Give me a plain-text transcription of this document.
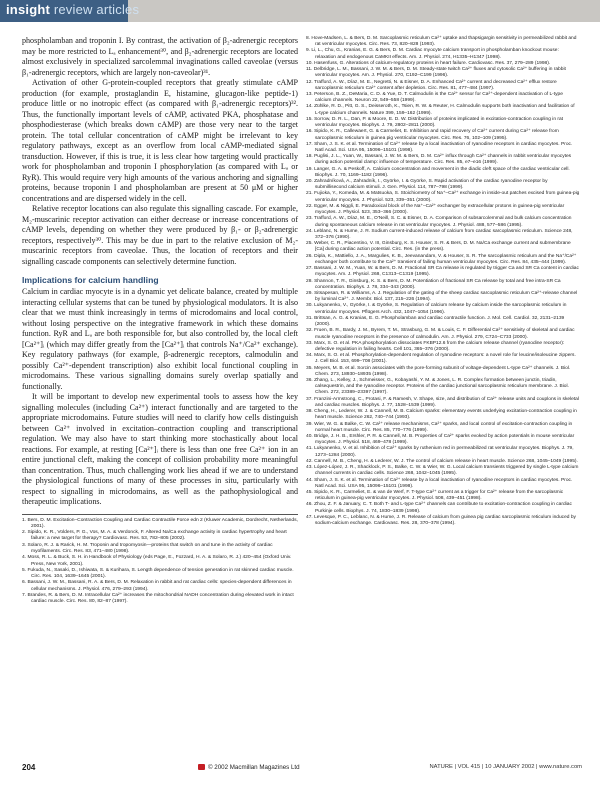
insight review articles

phospholamban and troponin I. By contrast, the activation of β₂-adrenergic receptors may be more restricted to Lₐ enhancement³⁰, and β₂-adrenergic receptors are located almost exclusively in specialized sarcolemmal invaginations called caveolae (versus β₁-adrenergic receptors, which are largely non-caveolar)³¹.

Activation of other G-protein-coupled receptors that greatly stimulate cAMP production (for example, prostaglandin E, histamine, glucagon-like peptide-1) produce little or no inotropic effect (as compared with β₁-adrenergic receptors)³². Thus, the functionally important levels of cAMP, activated PKA, phosphatase and phosphodiesterase (which breaks down cAMP) are those very near to the target protein. The total cellular concentration of cAMP might be irrelevant to key regulatory pathways, except as an overflow from local cAMP-mediated signal transduction. However, if this is true, it is less clear how targeting would practically work for phospholamban and troponin I phosphorylation (as compared with Lₐ or RyR). This would require very high amounts of the various anchoring and signalling proteins, because troponin I and phospholamban are present at 50 μM or higher concentrations and are dispersed widely in the cell.

Relative receptor locations can also regulate this signalling cascade. For example, M₂-muscarinic receptor activation can either decrease or increase concentrations of cAMP levels, depending on whether they were produced by β₁- or β₂-adrenergic receptors, respectively³⁰. This may be due in part to the relative exclusion of M₂-muscarinic receptors from caveolae. Thus, the location of receptors and their signalling cascade components can selectively determine function.

Implications for calcium handling

Calcium in cardiac myocyte is in a dynamic yet delicate balance, created by multiple interacting cellular systems that can be tuned by physiological modulators. It is also clear that we must think increasingly in terms of microdomains and local control, without losing perspective on the integrative framework in which these domains function. RyR and Lₐ are both responsible for, but also controlled by, the local cleft [Ca²⁺]ᵢ (which may differ greatly from the [Ca²⁺]ᵢ that controls Na⁺/Ca²⁺ exchange). Key regulatory pathways (for example, β-adrenergic receptors, calmodulin and possibly Ca²⁺-dependent transcription) also exhibit local functional coupling in microdomains. These various signalling domains surely overlap spatially and functionally.

It will be important to develop new experimental tools to assess how the key signalling molecules (including Ca²⁺) interact functionally and are targeted to the appropriate microdomains. Future studies will need to clarify how cells distinguish between Ca²⁺ involved in excitation–contraction coupling and transcriptional regulation. We may also have to start thinking more stochastically about local reactions. For example, at resting [Ca²⁺]ᵢ there is less than one free Ca²⁺ ion in an entire junctional cleft, making the concept of collision probability more meaningful than concentration. Thus, much challenging work lies ahead if we are to understand the physiological functions of many of these processes in situ, particularly with respect to signalling in microdomains, as well as the pathophysiological and therapeutic implications.

1. Bers, D. M. Excitation–Contraction Coupling and Cardiac Contractile Force edn 2 (Kluwer Academic, Dordrecht, Netherlands, 2001).
2. Sipido, K. R., Volders, P. G., Vos, M. A. & Verdonck, F. Altered Na/Ca exchange activity in cardiac hypertrophy and heart failure: a new target for therapy? Cardiovasc. Res. 53, 782–805 (2002).
3. Solaro, R. J. & Rarick, H. M. Troponin and tropomyosin—proteins that switch on and tune in the activity of cardiac myofilaments. Circ. Res. 83, 471–480 (1998).
4. Moss, R. L. & Buck, S. H. in Handbook of Physiology (eds Page, E., Fozzard, H. A. & Solaro, R. J.) 420–454 (Oxford Univ. Press, New York, 2001).
5. Fukuda, N., Sasaki, D., Ishiwata, S. & Kurihara, S. Length dependence of tension generation in rat skinned cardiac muscle. Circ. Res. 104, 1639–1645 (2001).
6. Bassani, J. W. M., Bassani, R. A. & Bers, D. M. Relaxation in rabbit and rat cardiac cells: species-dependent differences in cellular mechanisms. J. Physiol. 476, 279–293 (1994).
7. Brandes, R. & Bers, D. M. Intracellular Ca²⁺ increases the mitochondrial NADH concentration during elevated work in intact cardiac muscle. Circ. Res. 80, 82–87 (1997).
8. Hove-Madsen, L. & Bers, D. M. Sarcoplasmic reticulum Ca²⁺ uptake and thapsigargin sensitivity in permeabilized rabbit and rat ventricular myocytes. Circ. Res. 73, 820–828 (1993).
9. Li, L., Chu, G., Kranias, E. G. & Bers, D. M. Cardiac myocyte calcium transport in phospholamban knockout mouse: relaxation and endogenous CaMKII effects. Am. J. Physiol. 274, H1335–H1347 (1998).
10. Hasenfuss, G. Alterations of calcium-regulatory proteins in heart failure. Cardiovasc. Res. 37, 279–289 (1998).
11. Delbridge, L. M., Bassani, J. W. M. & Bers, D. M. Steady-state twitch Ca²⁺ fluxes and cytosolic Ca²⁺ buffering in rabbit ventricular myocytes. Am. J. Physiol. 270, C192–C199 (1996).
12. Trafford, A. W., Díaz, M. E., Negretti, N. & Eisner, D. A. Enhanced Ca²⁺ current and decreased Ca²⁺ efflux restore sarcoplasmic reticulum Ca²⁺ content after depletion. Circ. Res. 81, 477–484 (1997).
13. Peterson, B. Z., DeMaria, C. D. & Yue, D. T. Calmodulin is the Ca²⁺ sensor for Ca²⁺-dependent inactivation of L-type calcium channels. Neuron 22, 549–558 (1999).
14. Zühlke, R. D., Pitt, G. S., Deisseroth, K., Tsien, R. W. & Reuter, H. Calmodulin supports both inactivation and facilitation of L-type calcium channels. Nature 399, 159–162 (1999).
15. Sorrow, D. R. L., Dan, P. & Moore, E. D. W. Distribution of proteins implicated in excitation-contraction coupling in rat ventricular myocytes. Biophys. J. 79, 2802–2811 (2000).
16. Sipido, K. R., Callewaert, G. & Carmeliet, E. Inhibition and rapid recovery of Ca²⁺ current during Ca²⁺ release from sarcoplasmic reticulum in guinea pig ventricular myocytes. Circ. Res. 76, 102–109 (1995).
17. Sham, J. S. K. et al. Termination of Ca²⁺ release by a local inactivation of ryanodine receptors in cardiac myocytes. Proc. Natl Acad. Sci. USA 95, 15096–15101 (1998).
18. Puglisi, J. L., Yuan, W., Bassani, J. W. M. & Bers, D. M. Ca²⁺ influx through Ca²⁺ channels in rabbit ventricular myocytes during action potential clamp: influence of temperature. Circ. Res. 85, e7–e16 (1999).
19. Langer, G. A. & Peskoff, A. Calcium concentration and movement in the diadic cleft space of the cardiac ventricular cell. Biophys. J. 70, 1169–1182 (1996).
20. Zahradníková, A., Zahradník, I., Györke, I. & Györke, S. Rapid activation of the cardiac ryanodine receptor by submillisecond calcium stimuli. J. Gen. Physiol. 114, 787–798 (1999).
21. Fujioka, Y., Komeda, M. & Matsuoka, S. Stoichiometry of Na⁺–Ca²⁺ exchange in inside-out patches excised from guinea-pig ventricular myocytes. J. Physiol. 523, 339–351 (2000).
22. Egger, M. & Niggli, E. Paradoxical block of the Na⁺–Ca²⁺ exchanger by extracellular protons in guinea-pig ventricular myocytes. J. Physiol. 523, 353–366 (2000).
23. Trafford, A. W., Díaz, M. E., O'Neill, S. C. & Eisner, D. A. Comparison of subsarcolemmal and bulk calcium concentration during spontaneous calcium release in rat ventricular myocytes. J. Physiol. 488, 577–586 (1995).
24. Leblanc, N. & Hume, J. R. Sodium current-induced release of calcium from cardiac sarcoplasmic reticulum. Science 248, 372–376 (1990).
25. Weber, C. R., Piacentino, V. III, Ginsburg, K. S. Houser, S. R. & Bers, D. M. Na/Ca exchange current and submembrane [Ca] during cardiac action potential. Circ. Res. (in the press).
26. Dipla, K., Mattiello, J. A., Margulies, K. B., Jeevanandam, V. & Houser, S. R. The sarcoplasmic reticulum and the Na⁺/Ca²⁺ exchanger both contribute to the Ca²⁺ transient of failing human ventricular myocytes. Circ. Res. 84, 435–444 (1999).
27. Bassani, J. W. M., Yuan, W. & Bers, D. M. Fractional SR Ca release is regulated by trigger Ca and SR Ca content in cardiac myocytes. Am. J. Physiol. 268, C1313–C1319 (1995).
28. Shannon, T. R., Ginsburg, K. S. & Bers, D. M. Potentiation of fractional SR Ca release by total and free intra-SR Ca concentration. Biophys. J. 78, 334–343 (2000).
29. Sitsapesan, R. & Williams, A. J. Regulation of the gating of the sheep cardiac sarcoplasmic reticulum Ca²⁺-release channel by luminal Ca²⁺. J. Membr. Biol. 137, 215–226 (1994).
30. Lukyanenko, V., Györke, I. & Györke, S. Regulation of calcium release by calcium inside the sarcoplasmic reticulum in ventricular myocytes. Pflügers Arch. 432, 1047–1054 (1996).
31. Brittsan, A. G. & Kranias, E. G. Phospholamban and cardiac contractile function. J. Mol. Cell. Cardiol. 32, 2131–2139 (2000).
32. Fruen, B. R., Bardy, J. M., Byrem, T. M., Strasburg, G. M. & Louis, C. F. Differential Ca²⁺ sensitivity of skeletal and cardiac muscle ryanodine receptors in the presence of calmodulin. Am. J. Physiol. 279, C724–C733 (2000).
33. Marx, S. O. et al. PKA phosphorylation dissociates FKBP12.6 from the calcium release channel (ryanodine receptor): defective regulation in failing hearts. Cell 101, 365–376 (2000).
34. Marx, S. O. et al. Phosphorylation-dependent regulation of ryanodine receptors: a novel role for leucine/isoleucine zippers. J. Cell Biol. 153, 699–708 (2001).
35. Meyers, M. B. et al. Sorcin associates with the pore-forming subunit of voltage-dependent L-type Ca²⁺ channels. J. Biol. Chem. 273, 18930–18935 (1998).
36. Zhang, L., Kelley, J., Schmeisser, G., Kobayashi, Y. M. & Jones, L. R. Complex formation between junctin, triadin, calsequestrin, and the ryanodine receptor. Proteins of the cardiac junctional sarcoplasmic reticulum membrane. J. Biol. Chem. 272, 23389–23397 (1997).
37. Franzini-Armstrong, C., Protasi, F. & Ramesh, V. Shape, size, and distribution of Ca²⁺ release units and couplons in skeletal and cardiac muscles. Biophys. J. 77, 1528–1539 (1999).
38. Cheng, H., Lederer, W. J. & Cannell, M. B. Calcium sparks: elementary events underlying excitation-contraction coupling in heart muscle. Science 262, 740–744 (1993).
39. Wier, W. G. & Balke, C. W. Ca²⁺ release mechanisms, Ca²⁺ sparks, and local control of excitation-contraction coupling in normal heart muscle. Circ. Res. 85, 770–776 (1999).
40. Bridge, J. H. B., Ershler, P. R. & Cannell, M. B. Properties of Ca²⁺ sparks evoked by action potentials in mouse ventricular myocytes. J. Physiol. 518, 469–478 (1999).
41. Lukyanenko, V. et al. Inhibition of Ca²⁺ sparks by ruthenium red in permeabilized rat ventricular myocytes. Biophys. J. 79, 1273–1284 (2000).
42. Cannell, M. B., Cheng, H. & Lederer, W. J. The control of calcium release in heart muscle. Science 268, 1045–1049 (1995).
43. López-López, J. R., Shacklock, P. S., Balke, C. W. & Wier, W. G. Local calcium transients triggered by single L-type calcium channel currents in cardiac cells. Science 268, 1042–1045 (1995).
44. Sham, J. S. K. et al. Termination of Ca²⁺ release by a local inactivation of ryanodine receptors in cardiac myocytes. Proc. Natl Acad. Sci. USA 95, 15096–15101 (1998).
45. Sipido, K. R., Carmeliet, E. & van de Werf, F. T-type Ca²⁺ current as a trigger for Ca²⁺ release from the sarcoplasmic reticulum in guinea-pig ventricular myocytes. J. Physiol. 508, 439–451 (1998).
46. Zhou, Z. F. & January, C. T. Both T- and L-type Ca²⁺ channels can contribute to excitation-contraction coupling in cardiac Purkinje cells. Biophys. J. 74, 1830–1839 (1998).
47. Levesque, P. C., Leblanc, N. & Hume, J. R. Release of calcium from guinea pig cardiac sarcoplasmic reticulum induced by sodium-calcium exchange. Cardiovasc. Res. 28, 370–378 (1994).
204	© 2002 Macmillan Magazines Ltd	NATURE | VOL 415 | 10 JANUARY 2002 | www.nature.com
